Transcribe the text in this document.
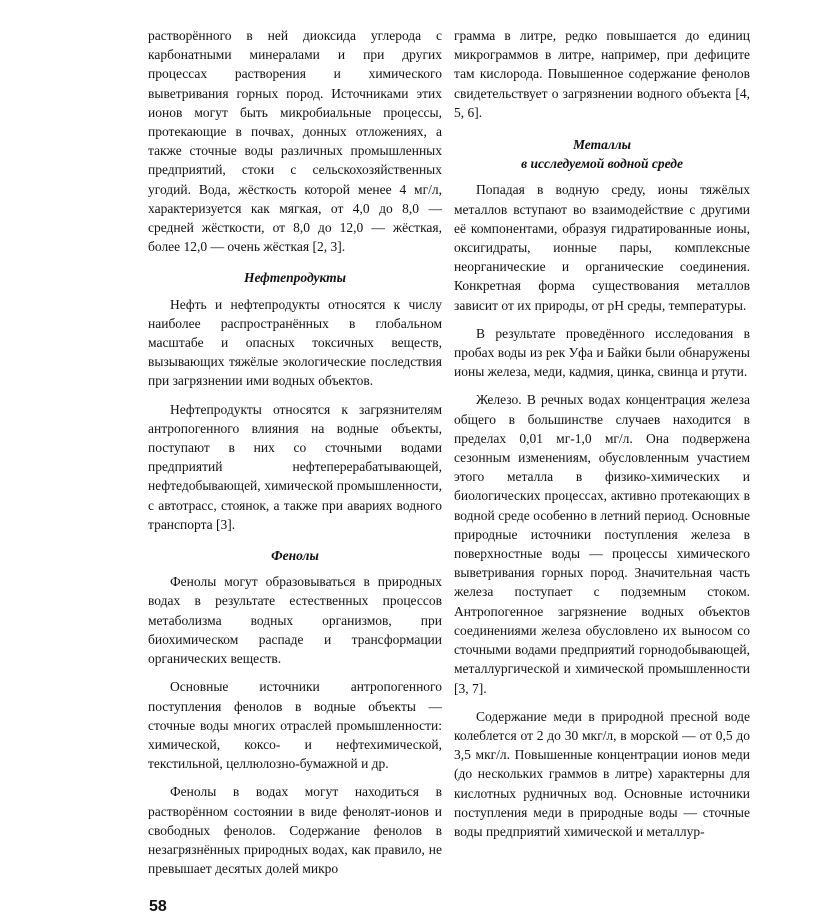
растворённого в ней диоксида углерода с карбонатными минералами и при других процессах растворения и химического выветривания горных пород. Источниками этих ионов могут быть микробиальные процессы, протекающие в почвах, донных отложениях, а также сточные воды различных промышленных предприятий, стоки с сельскохозяйственных угодий. Вода, жёсткость которой менее 4 мг/л, характеризуется как мягкая, от 4,0 до 8,0 — средней жёсткости, от 8,0 до 12,0 — жёсткая, более 12,0 — очень жёсткая [2, 3].

Нефтепродукты

Нефть и нефтепродукты относятся к числу наиболее распространённых в глобальном масштабе и опасных токсичных веществ, вызывающих тяжёлые экологические последствия при загрязнении ими водных объектов.

Нефтепродукты относятся к загрязнителям антропогенного влияния на водные объекты, поступают в них со сточными водами предприятий нефтеперерабатывающей, нефтедобывающей, химической промышленности, с автотрасс, стоянок, а также при авариях водного транспорта [3].

Фенолы

Фенолы могут образовываться в природных водах в результате естественных процессов метаболизма водных организмов, при биохимическом распаде и трансформации органических веществ.

Основные источники антропогенного поступления фенолов в водные объекты — сточные воды многих отраслей промышленности: химической, коксо- и нефтехимической, текстильной, целлюлозно-бумажной и др.

Фенолы в водах могут находиться в растворённом состоянии в виде фенолят-ионов и свободных фенолов. Содержание фенолов в незагрязнённых природных водах, как правило, не превышает десятых долей микро

грамма в литре, редко повышается до единиц микрограммов в литре, например, при дефиците там кислорода. Повышенное содержание фенолов свидетельствует о загрязнении водного объекта [4, 5, 6].

Металлы
в исследуемой водной среде

Попадая в водную среду, ионы тяжёлых металлов вступают во взаимодействие с другими её компонентами, образуя гидратированные ионы, оксигидраты, ионные пары, комплексные неорганические и органические соединения. Конкретная форма существования металлов зависит от их природы, от pH среды, температуры.

В результате проведённого исследования в пробах воды из рек Уфа и Байки были обнаружены ионы железа, меди, кадмия, цинка, свинца и ртути.

Железо. В речных водах концентрация железа общего в большинстве случаев находится в пределах 0,01 мг-1,0 мг/л. Она подвержена сезонным изменениям, обусловленным участием этого металла в физико-химических и биологических процессах, активно протекающих в водной среде особенно в летний период. Основные природные источники поступления железа в поверхностные воды — процессы химического выветривания горных пород. Значительная часть железа поступает с подземным стоком. Антропогенное загрязнение водных объектов соединениями железа обусловлено их выносом со сточными водами предприятий горнодобывающей, металлургической и химической промышленности [3, 7].

Содержание меди в природной пресной воде колеблется от 2 до 30 мкг/л, в морской — от 0,5 до 3,5 мкг/л. Повышенные концентрации ионов меди (до нескольких граммов в литре) характерны для кислотных рудничных вод. Основные источники поступления меди в природные воды — сточные воды предприятий химической и металлур-

58
